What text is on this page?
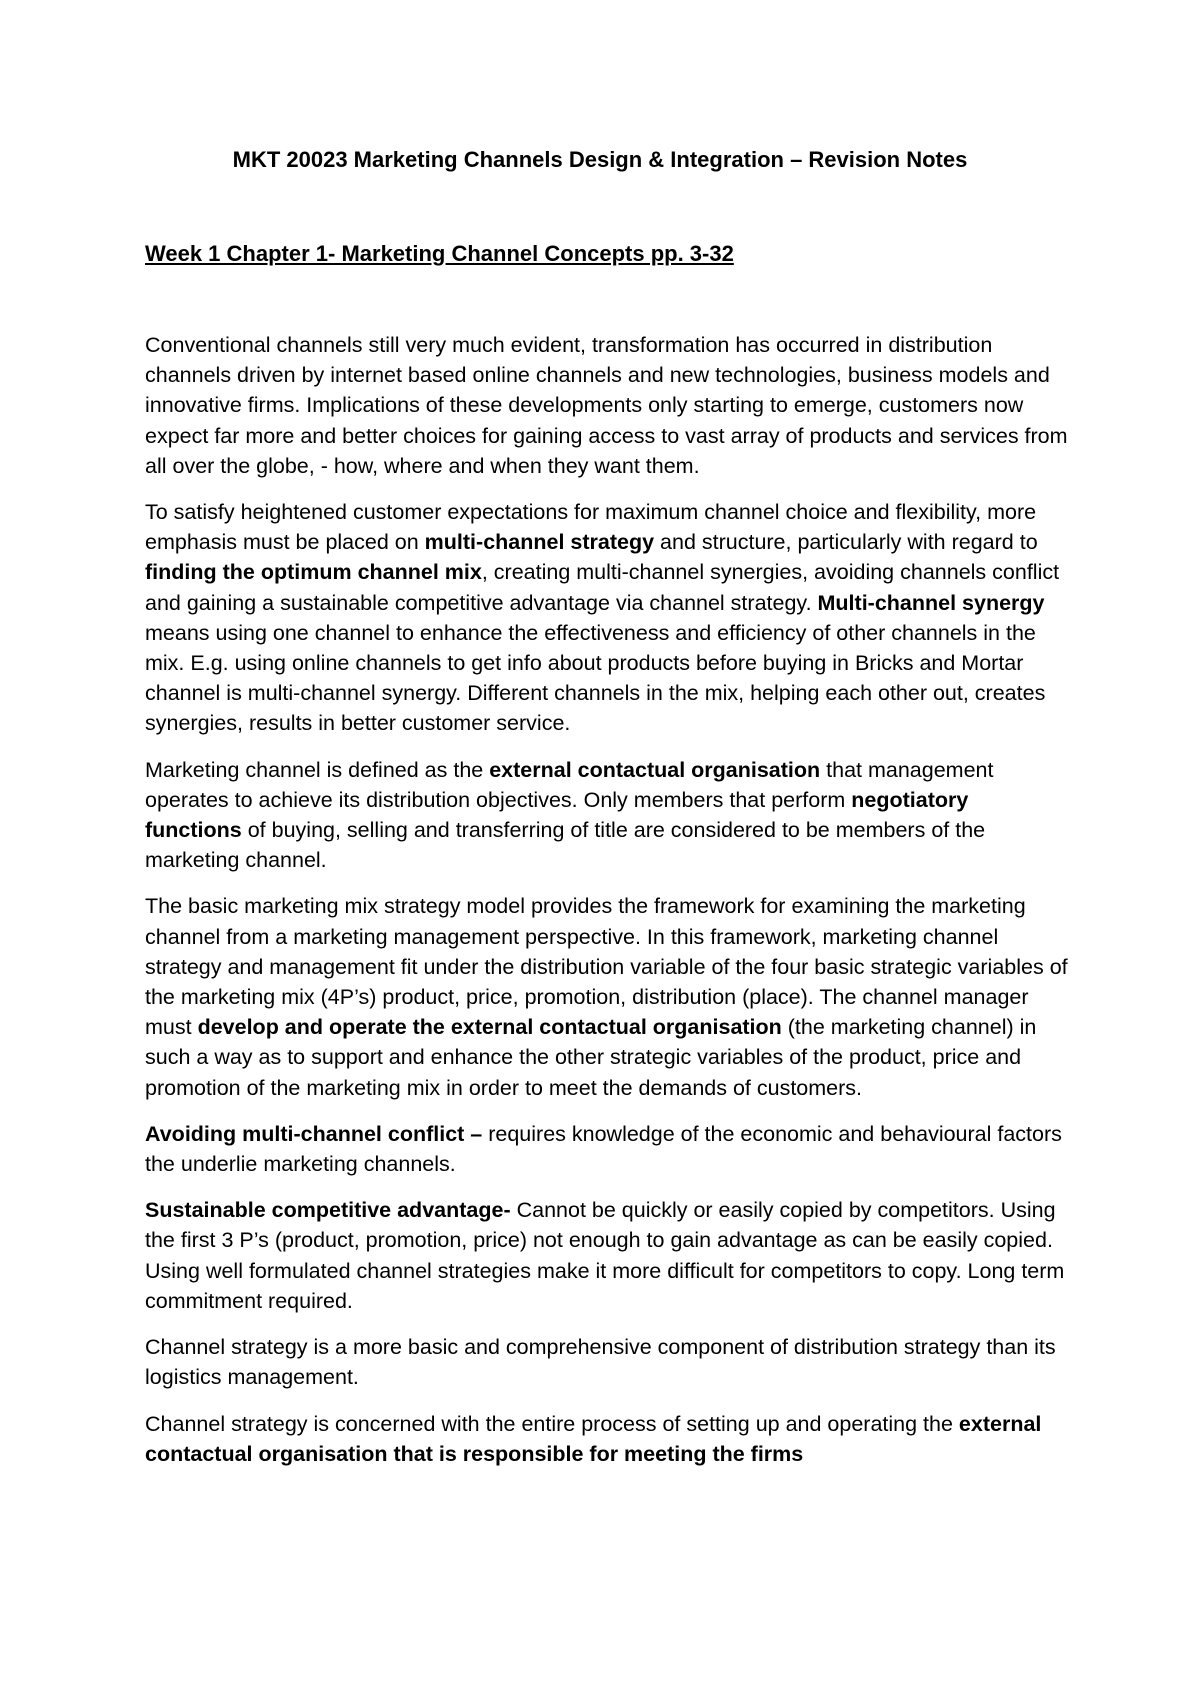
MKT 20023 Marketing Channels Design & Integration – Revision Notes
Week 1 Chapter 1- Marketing Channel Concepts pp. 3-32

Conventional channels still very much evident, transformation has occurred in distribution channels driven by internet based online channels and new technologies, business models and innovative firms. Implications of these developments only starting to emerge, customers now expect far more and better choices for gaining access to vast array of products and services from all over the globe, - how, where and when they want them.

To satisfy heightened customer expectations for maximum channel choice and flexibility, more emphasis must be placed on multi-channel strategy and structure, particularly with regard to finding the optimum channel mix, creating multi-channel synergies, avoiding channels conflict and gaining a sustainable competitive advantage via channel strategy. Multi-channel synergy means using one channel to enhance the effectiveness and efficiency of other channels in the mix. E.g. using online channels to get info about products before buying in Bricks and Mortar channel is multi-channel synergy. Different channels in the mix, helping each other out, creates synergies, results in better customer service.

Marketing channel is defined as the external contactual organisation that management operates to achieve its distribution objectives. Only members that perform negotiatory functions of buying, selling and transferring of title are considered to be members of the marketing channel.

The basic marketing mix strategy model provides the framework for examining the marketing channel from a marketing management perspective. In this framework, marketing channel strategy and management fit under the distribution variable of the four basic strategic variables of the marketing mix (4P’s) product, price, promotion, distribution (place). The channel manager must develop and operate the external contactual organisation (the marketing channel) in such a way as to support and enhance the other strategic variables of the product, price and promotion of the marketing mix in order to meet the demands of customers.

Avoiding multi-channel conflict – requires knowledge of the economic and behavioural factors the underlie marketing channels.

Sustainable competitive advantage- Cannot be quickly or easily copied by competitors. Using the first 3 P’s (product, promotion, price) not enough to gain advantage as can be easily copied. Using well formulated channel strategies make it more difficult for competitors to copy. Long term commitment required.

Channel strategy is a more basic and comprehensive component of distribution strategy than its logistics management.

Channel strategy is concerned with the entire process of setting up and operating the external contactual organisation that is responsible for meeting the firms
